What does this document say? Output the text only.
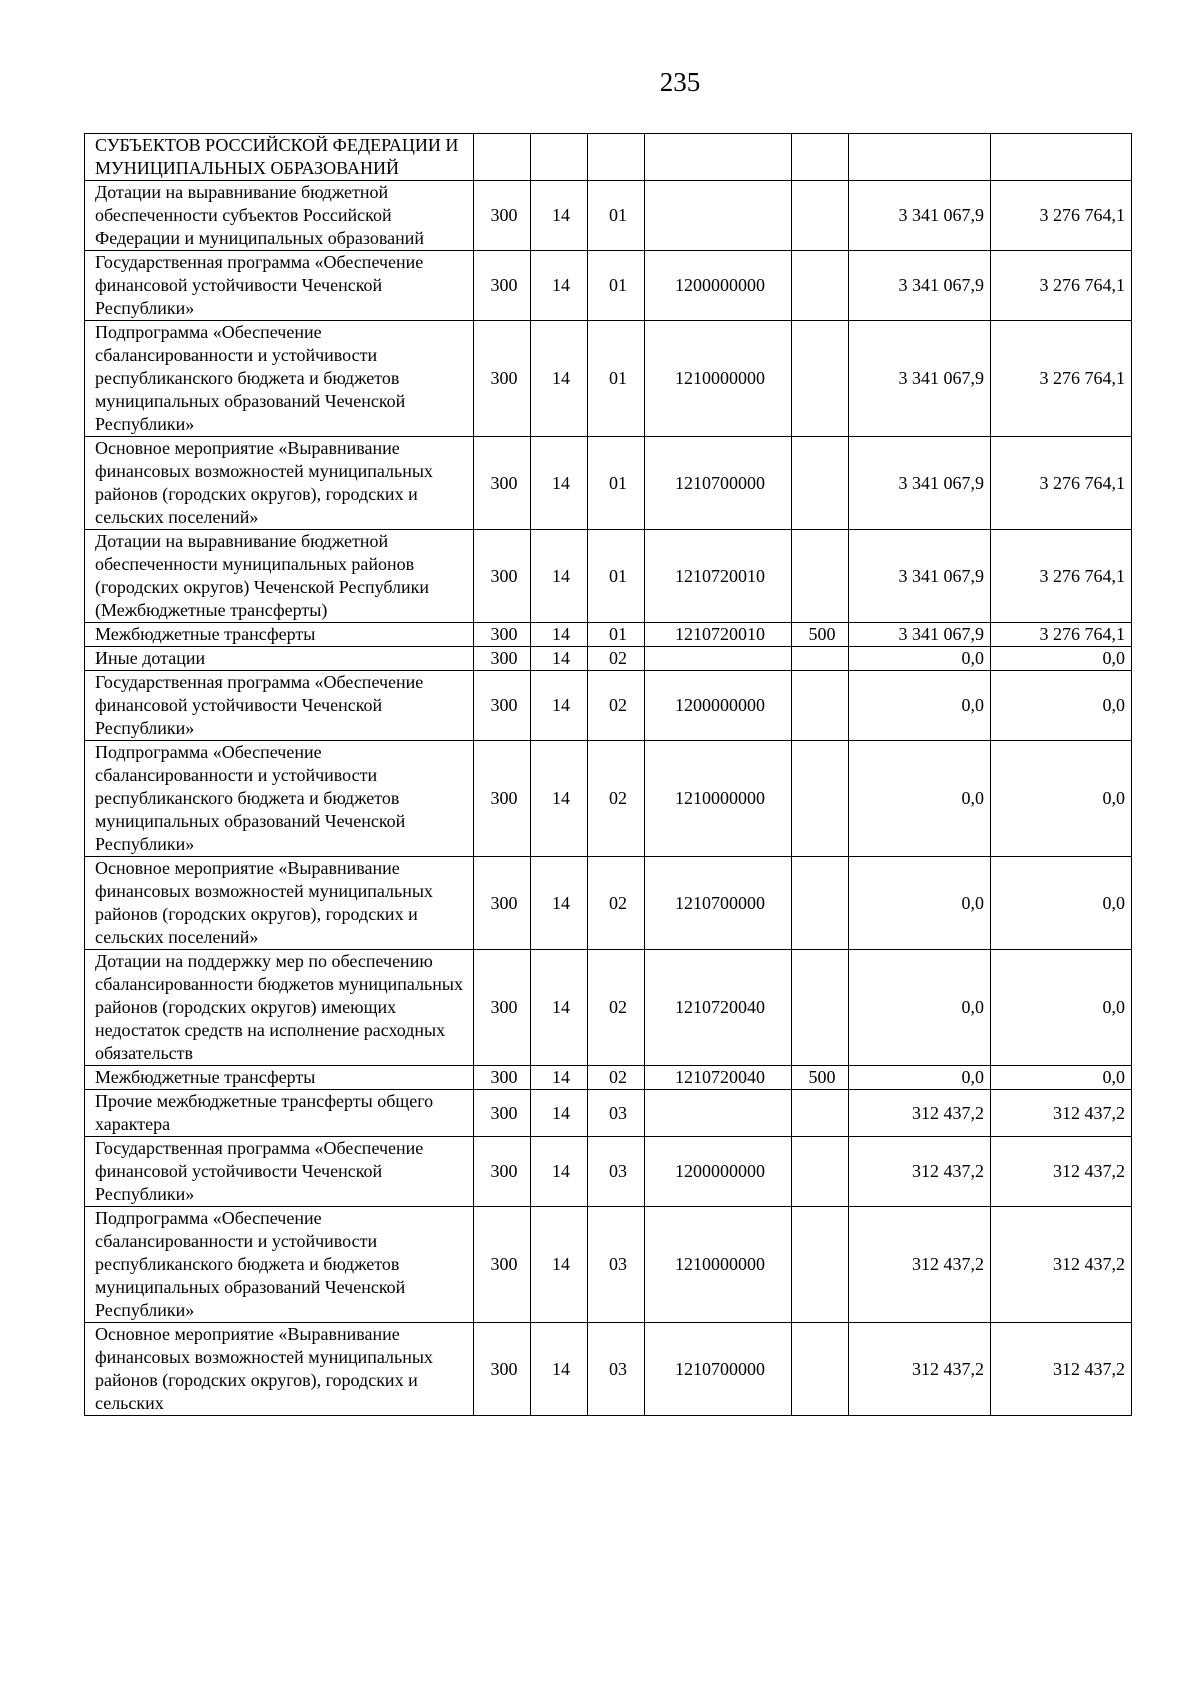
235
СУБЪЕКТОВ РОССИЙСКОЙ ФЕДЕРАЦИИ И МУНИЦИПАЛЬНЫХ ОБРАЗОВАНИЙ							
Дотации на выравнивание бюджетной обеспеченности субъектов Российской Федерации и муниципальных образований	300	14	01			3 341 067,9	3 276 764,1
Государственная программа «Обеспечение финансовой устойчивости Чеченской Республики»	300	14	01	1200000000		3 341 067,9	3 276 764,1
Подпрограмма «Обеспечение сбалансированности и устойчивости республиканского бюджета и бюджетов муниципальных образований Чеченской Республики»	300	14	01	1210000000		3 341 067,9	3 276 764,1
Основное мероприятие «Выравнивание финансовых возможностей муниципальных районов (городских округов), городских и сельских поселений»	300	14	01	1210700000		3 341 067,9	3 276 764,1
Дотации на выравнивание бюджетной обеспеченности муниципальных районов (городских округов) Чеченской Республики (Межбюджетные трансферты)	300	14	01	1210720010		3 341 067,9	3 276 764,1
Межбюджетные трансферты	300	14	01	1210720010	500	3 341 067,9	3 276 764,1
Иные дотации	300	14	02			0,0	0,0
Государственная программа «Обеспечение финансовой устойчивости Чеченской Республики»	300	14	02	1200000000		0,0	0,0
Подпрограмма «Обеспечение сбалансированности и устойчивости республиканского бюджета и бюджетов муниципальных образований Чеченской Республики»	300	14	02	1210000000		0,0	0,0
Основное мероприятие «Выравнивание финансовых возможностей муниципальных районов (городских округов), городских и сельских поселений»	300	14	02	1210700000		0,0	0,0
Дотации на поддержку мер по обеспечению сбалансированности бюджетов муниципальных районов (городских округов) имеющих недостаток средств на исполнение расходных обязательств	300	14	02	1210720040		0,0	0,0
Межбюджетные трансферты	300	14	02	1210720040	500	0,0	0,0
Прочие межбюджетные трансферты общего характера	300	14	03			312 437,2	312 437,2
Государственная программа «Обеспечение финансовой устойчивости Чеченской Республики»	300	14	03	1200000000		312 437,2	312 437,2
Подпрограмма «Обеспечение сбалансированности и устойчивости республиканского бюджета и бюджетов муниципальных образований Чеченской Республики»	300	14	03	1210000000		312 437,2	312 437,2
Основное мероприятие «Выравнивание финансовых возможностей муниципальных районов (городских округов), городских и сельских	300	14	03	1210700000		312 437,2	312 437,2
